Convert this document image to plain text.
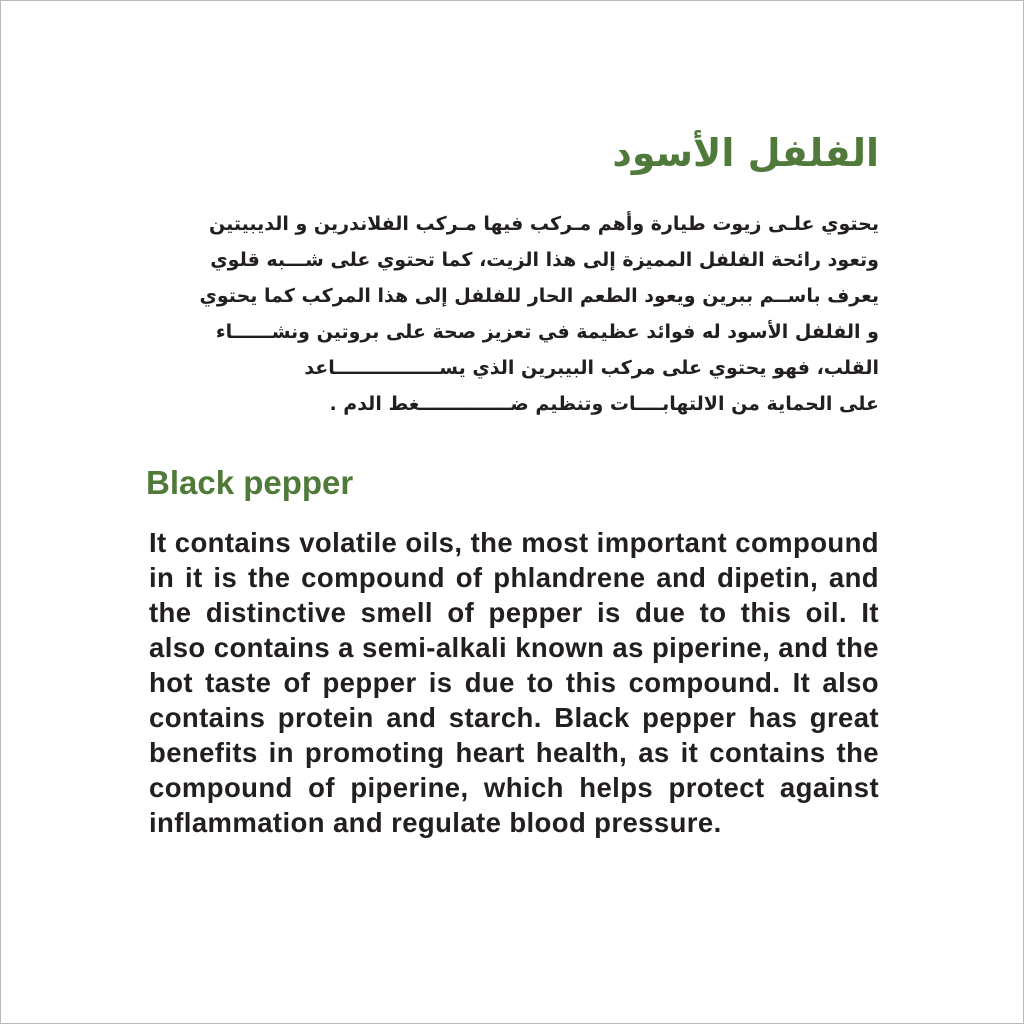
الفلفل الأسود
يحتوي علـى زيوت طيارة وأهم مـركب فيها مـركب الفلاندرين و الديبيتين
وتعود رائحة الفلفل المميزة إلى هذا الزيت، كما تحتوي على شـــبه قلوي
يعرف باســم ببرين ويعود الطعم الحار للفلفل إلى هذا المركب كما يحتوي
و الفلفل الأسود له فوائد عظيمة في تعزيز صحة على بروتين ونشــــــاء
القلب، فهو يحتوي على مركب البيبرين الذي يســــــــــــــــاعد
على الحماية من الالتهابــــات وتنظيم ضــــــــــــــغط الدم .
Black pepper

It contains volatile oils, the most important compound in it is the compound of phlandrene and dipetin, and the distinctive smell of pepper is due to this oil. It also contains a semi-alkali known as piperine, and the hot taste of pepper is due to this compound. It also contains protein and starch. Black pepper has great benefits in promoting heart health, as it contains the compound of piperine, which helps protect against inflammation and regulate blood pressure.
